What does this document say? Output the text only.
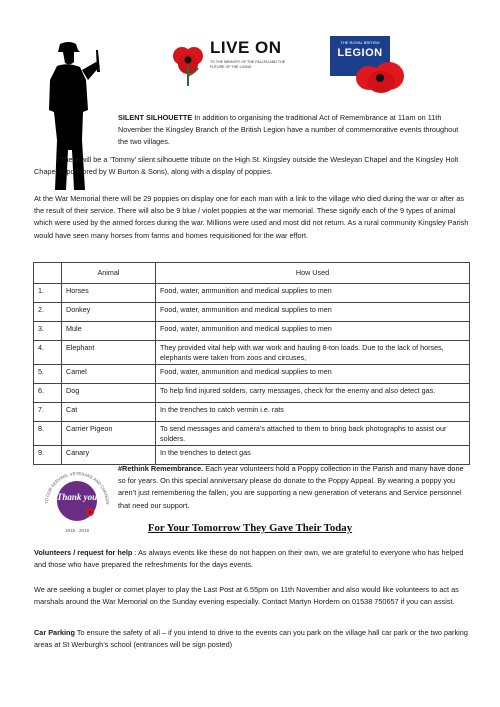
LIVE ON
TO THE MEMORY OF THE FALLEN AND THE FUTURE OF THE LIVING
THE ROYAL BRITISH
LEGION
SILENT SILHOUETTE In addition to organising the traditional Act of Remembrance at 11am on 11th November the Kingsley Branch of the British Legion have a number of commemorative events throughout the two villages.
There will be a ‘Tommy’ silent silhouette tribute on the High St. Kingsley outside the Wesleyan Chapel and the Kingsley Holt Chapel (Sponsored by W Burton & Sons), along with a display of poppies.
At the War Memorial there will be 29 poppies on display one for each man with a link to the village who died during the war or after as the result of their service. There will also be 9 blue / violet poppies at the war memorial. These signify each of the 9 types of animal which were used by the armed forces during the war. Millions were used and most did not return. As a rural community Kingsley Parish would have seen many horses from farms and homes requisitioned for the war effort.
	Animal	How Used
1.	Horses	Food, water, ammunition and medical supplies to men
2.	Donkey	Food, water, ammunition and medical supplies to men
3.	Mule	Food, water, ammunition and medical supplies to men
4.	Elephant	They provided vital help with war work and hauling 8-ton loads. Due to the lack of horses, elephants were taken from zoos and circuses,
5.	Camel	Food, water, ammunition and medical supplies to men
6.	Dog	To help find injured solders, carry messages, check for the enemy and also detect gas.
7.	Cat	In the trenches to catch vermin i.e. rats
8.	Carrier Pigeon	To send messages and camera’s attached to them to bring back photographs to assist our solders.
9.	Canary	In the trenches to detect gas
TO OUR SERVING, VETERANS AND CHANGIN
Thank you
1918 - 2018
#Rethink Remembrance. Each year volunteers hold a Poppy collection in the Parish and many have done so for years. On this special anniversary please do donate to the Poppy Appeal. By wearing a poppy you aren’t just remembering the fallen, you are supporting a new generation of veterans and Service personnel that need our support.
For Your Tomorrow They Gave Their Today
Volunteers / request for help : As always events like these do not happen on their own, we are grateful to everyone who has helped and those who have prepared the refreshments for the days events.
We are seeking a bugler or cornet player to play the Last Post at 6.55pm on 11th November and also would like volunteers to act as marshals around the War Memorial on the Sunday evening especially. Contact Martyn Hordern on 01538 750657 if you can assist.
Car Parking To ensure the safety of all – if you intend to drive to the events can you park on the village hall car park or the two parking areas at St Werburgh’s school (entrances will be sign posted)
